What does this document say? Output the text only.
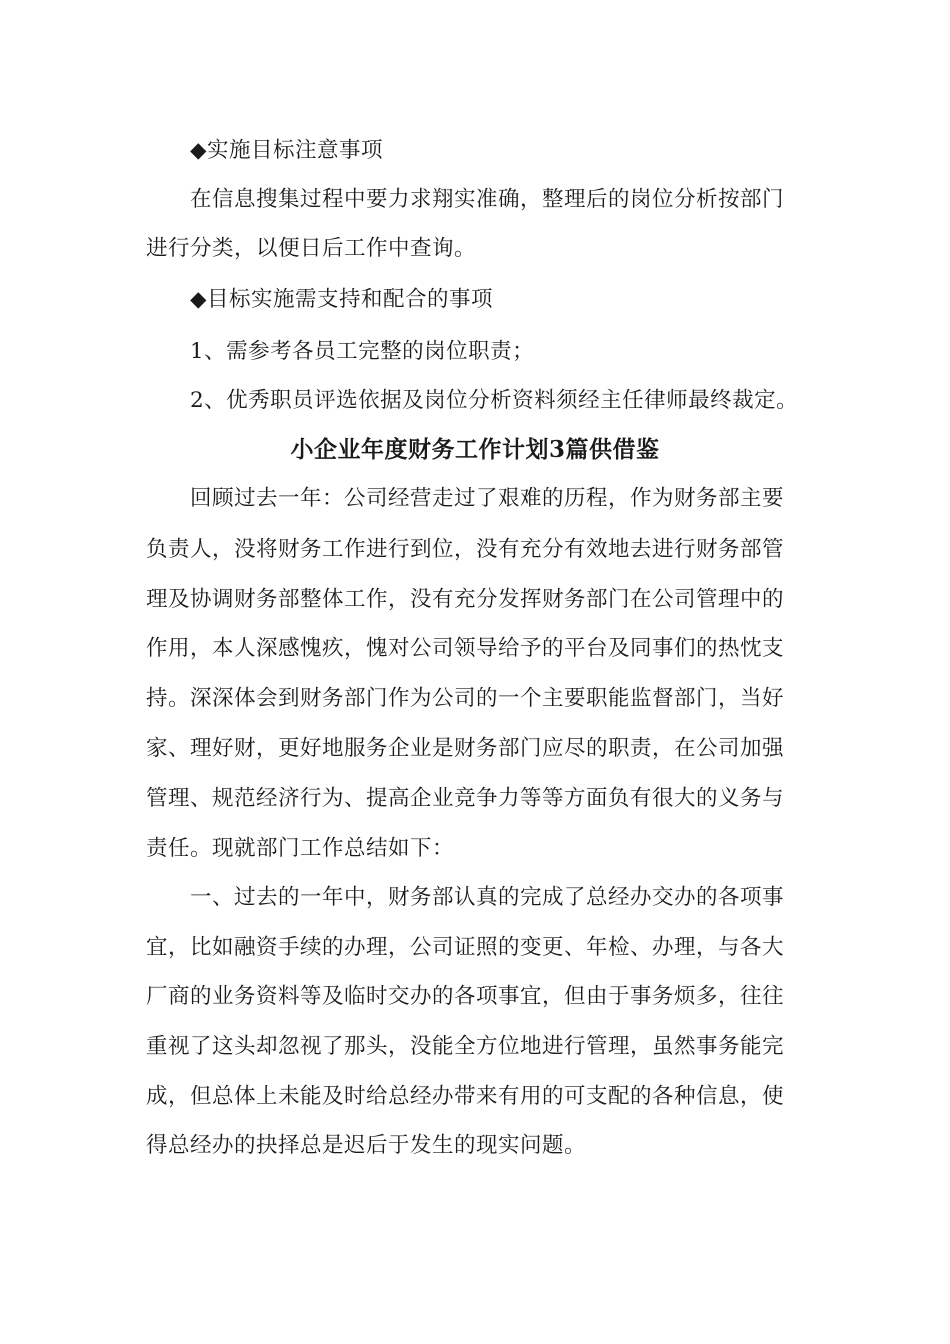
◆实施目标注意事项
在信息搜集过程中要力求翔实准确，整理后的岗位分析按部门
进行分类，以便日后工作中查询。
◆目标实施需支持和配合的事项
1、需参考各员工完整的岗位职责；
2、优秀职员评选依据及岗位分析资料须经主任律师最终裁定。
小企业年度财务工作计划3篇供借鉴
回顾过去一年：公司经营走过了艰难的历程，作为财务部主要
负责人，没将财务工作进行到位，没有充分有效地去进行财务部管
理及协调财务部整体工作，没有充分发挥财务部门在公司管理中的
作用，本人深感愧疚，愧对公司领导给予的平台及同事们的热忱支
持。深深体会到财务部门作为公司的一个主要职能监督部门，当好
家、理好财，更好地服务企业是财务部门应尽的职责，在公司加强
管理、规范经济行为、提高企业竞争力等等方面负有很大的义务与
责任。现就部门工作总结如下：
一、过去的一年中，财务部认真的完成了总经办交办的各项事
宜，比如融资手续的办理，公司证照的变更、年检、办理，与各大
厂商的业务资料等及临时交办的各项事宜，但由于事务烦多，往往
重视了这头却忽视了那头，没能全方位地进行管理，虽然事务能完
成，但总体上未能及时给总经办带来有用的可支配的各种信息，使
得总经办的抉择总是迟后于发生的现实问题。
